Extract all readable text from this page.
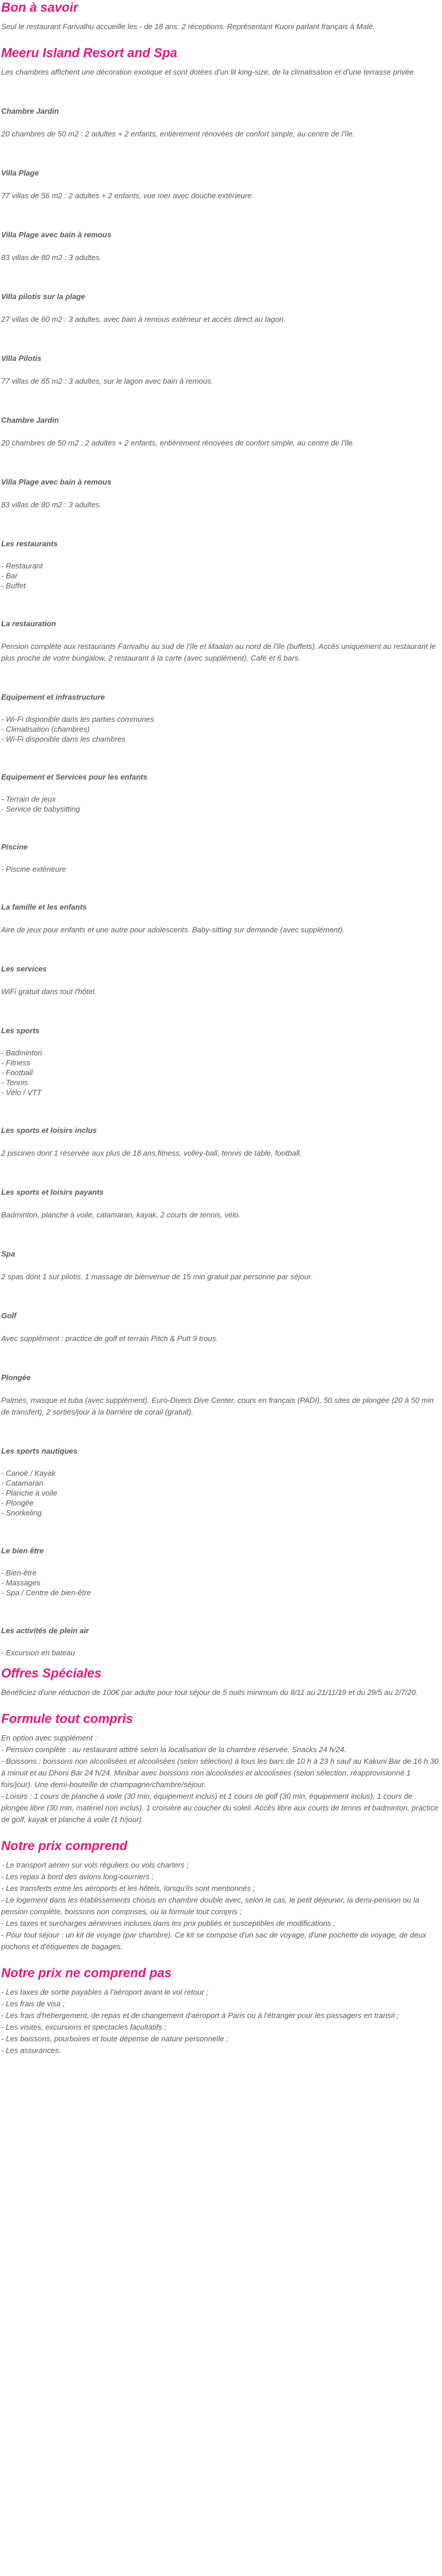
Bon à savoir

Seul le restaurant Farivalhu accueille les - de 18 ans. 2 réceptions. Représentant Kuoni parlant français à Malé.

Meeru Island Resort and Spa

Les chambres affichent une décoration exotique et sont dotées d'un lit king-size, de la climatisation et d'une terrasse privée.

Chambre Jardin

20 chambres de 50 m2 : 2 adultes + 2 enfants, entièrement rénovées de confort simple, au centre de l'île.

Villa Plage

77 villas de 56 m2 : 2 adultes + 2 enfants, vue mer avec douche extérieure.

Villa Plage avec bain à remous

83 villas de 80 m2 : 3 adultes.

Villa pilotis sur la plage

27 villas de 60 m2 : 3 adultes, avec bain à remous extérieur et accès direct au lagon.

Villa Pilotis

77 villas de 85 m2 : 3 adultes, sur le lagon avec bain à remous.

Chambre Jardin

20 chambres de 50 m2 : 2 adultes + 2 enfants, entièrement rénovées de confort simple, au centre de l'île.

Villa Plage avec bain à remous

83 villas de 80 m2 : 3 adultes.

Les restaurants
- Restaurant
- Bar
- Buffet
La restauration

Pension complète aux restaurants Farivalhu au sud de l'île et Maalan au nord de l'île (buffets). Accès uniquement au restaurant le plus proche de votre bungalow, 2 restaurant à la carte (avec supplément). Café et 6 bars.

Equipement et infrastructure
- Wi-Fi disponible dans les parties communes
- Climatisation (chambres)
- Wi-Fi disponible dans les chambres
Equipement et Services pour les enfants
- Terrain de jeux
- Service de babysitting
Piscine
- Piscine extérieure
La famille et les enfants

Aire de jeux pour enfants et une autre pour adolescents. Baby-sitting sur demande (avec supplément).

Les services

WiFi gratuit dans tout l'hôtel.

Les sports
- Badminton
- Fitness
- Football
- Tennis
- Vélo / VTT
Les sports et loisirs inclus

2 piscines dont 1 réservée aux plus de 18 ans,fitness, volley-ball, tennis de table, football.

Les sports et loisirs payants

Badminton, planche à voile, catamaran, kayak, 2 courts de tennis, vélo.

Spa

2 spas dont 1 sur pilotis. 1 massage de bienvenue de 15 min gratuit par personne par séjour.

Golf

Avec supplément : practice de golf et terrain Pitch & Putt 9 trous.

Plongée

Palmes, masque et tuba (avec supplément). Euro-Divers Dive Center, cours en français (PADI), 50 sites de plongée (20 à 50 min de transfert), 2 sorties/jour à la barrière de corail (gratuit).

Les sports nautiques
- Canoë / Kayak
- Catamaran
- Planche à voile
- Plongée
- Snorkeling
Le bien être
- Bien-être
- Massages
- Spa / Centre de bien-être
Les activités de plein air
- Excursion en bateau
Offres Spéciales

Bénéficiez d'une réduction de 100€ par adulte pour tout séjour de 5 nuits minimum du 8/11 au 21/11/19 et du 29/5 au 2/7/20.

Formule tout compris
En option avec supplément :
- Pension complète : au restaurant attitré selon la localisation de la chambre réservée. Snacks 24 h/24.
- Boissons : boissons non alcoolisées et alcoolisées (selon sélection) à tous les bars de 10 h à 23 h sauf au Kakuni Bar de 16 h 30 à minuit et au Dhoni Bar 24 h/24. Minibar avec boissons non alcoolisées et alcoolisées (selon sélection, réapprovisionné 1 fois/jour). Une demi-bouteille de champagne/chambre/séjour.
- Loisirs : 1 cours de planche à voile (30 min, équipement inclus) et 1 cours de golf (30 min, équipement inclus), 1 cours de plongée libre (30 min, matériel non inclus). 1 croisière au coucher du soleil. Accès libre aux courts de tennis et badminton, practice de golf, kayak et planche à voile (1 h/jour).
Notre prix comprend
- Le transport aérien sur vols réguliers ou vols charters ;
- Les repas à bord des avions long-courriers ;
- Les transferts entre les aéroports et les hôtels, lorsqu'ils sont mentionnés ;
- Le logement dans les établissements choisis en chambre double avec, selon le cas, le petit déjeuner, la demi-pension ou la pension complète, boissons non comprises, ou la formule tout compris ;
- Les taxes et surcharges aériennes incluses dans les prix publiés et susceptibles de modifications ;
- Pour tout séjour : un kit de voyage (par chambre). Ce kit se compose d'un sac de voyage, d'une pochette de voyage, de deux pochons et d'étiquettes de bagages.
Notre prix ne comprend pas
- Les taxes de sortie payables à l'aéroport avant le vol retour ;
- Les frais de visa ;
- Les frais d'hébergement, de repas et de changement d'aéroport à Paris ou à l'étranger pour les passagers en transit ;
- Les visites, excursions et spectacles facultatifs ;
- Les boissons, pourboires et toute dépense de nature personnelle ;
- Les assurances.
